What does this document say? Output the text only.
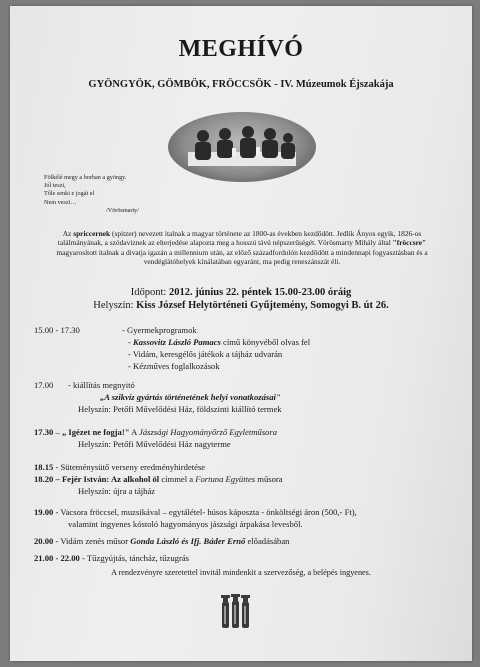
MEGHÍVÓ
GYÖNGYÖK, GÖMBÖK, FRÖCCSÖK - IV. Múzeumok Éjszakája
Fölkélé megy a borban a gyöngy.
Jól teszi,
Tőle senki e jogát el
Nem veszi…
/Vörösmarty/
Az spriccernek (spitzer) nevezett italnak a magyar története az 1800-as években kezdődött. Jedlik Ányos egyik, 1826-os találmányának, a szódavíznek az elterjedése alapozta meg a hosszú távú népszerűségét. Vörösmarty Mihály által "fröccsre" magyarosított italnak a divatja igazán a millennium után, az előző századfordulón kezdődött a mindennapi fogyasztásban és a vendéglátóhelyek kínálatában egyaránt, ma pedig reneszánszát éli.
Időpont: 2012. június 22. péntek 15.00-23.00 óráig
Helyszín: Kiss József Helytörténeti Gyűjtemény, Somogyi B. út 26.
15.00 - 17.30	- Gyermekprogramok
- Kassovitz László Pamacs című könyvéből olvas fel
- Vidám, keresgélős játékok a tájház udvarán
- Kézműves foglalkozások
17.00 - kiállítás megnyitó
„A szikvíz gyártás történetének helyi vonatkozásai"
Helyszín: Petőfi Művelődési Ház, földszinti kiállító termek
17.30 – „ Igézet ne fogja!" A Jászsági Hagyományőrző Egyletműsora
Helyszín: Petőfi Művelődési Ház nagyterme
18.15 - Süteménysütő verseny eredményhirdetése
18.20 – Fejér István: Az alkohol öl címmel a Fortuna Együttes műsora
Helyszín: újra a tájház
19.00 - Vacsora fröccsel, muzsikával – egytálétel- húsos káposzta - önköltségi áron (500,- Ft),
valamint ingyenes kóstoló hagyományos jászsági árpakása levesből.
20.00 - Vidám zenés műsor Gonda László és Ifj. Báder Ernő előadásában
21.00 - 22.00 - Tűzgyújtás, táncház, tűzugrás
A rendezvényre szeretettel invitál mindenkit a szervezőség, a belépés ingyenes.
